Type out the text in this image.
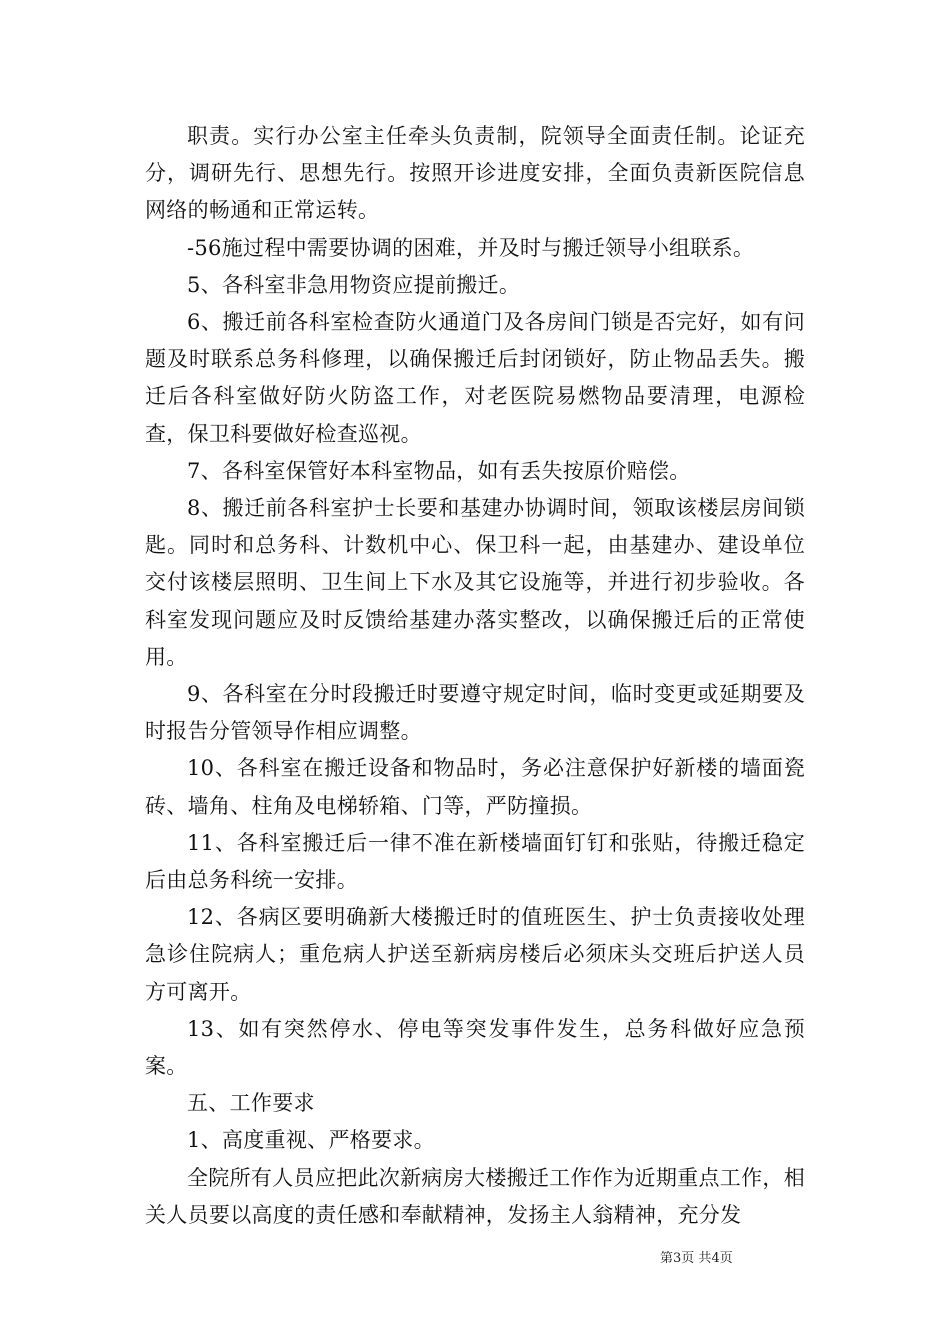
职责。实行办公室主任牵头负责制，院领导全面责任制。论证充分，调研先行、思想先行。按照开诊进度安排，全面负责新医院信息网络的畅通和正常运转。

-56施过程中需要协调的困难，并及时与搬迁领导小组联系。

5、各科室非急用物资应提前搬迁。

6、搬迁前各科室检查防火通道门及各房间门锁是否完好，如有问题及时联系总务科修理，以确保搬迁后封闭锁好，防止物品丢失。搬迁后各科室做好防火防盗工作，对老医院易燃物品要清理，电源检查，保卫科要做好检查巡视。

7、各科室保管好本科室物品，如有丢失按原价赔偿。

8、搬迁前各科室护士长要和基建办协调时间，领取该楼层房间锁匙。同时和总务科、计数机中心、保卫科一起，由基建办、建设单位交付该楼层照明、卫生间上下水及其它设施等，并进行初步验收。各科室发现问题应及时反馈给基建办落实整改，以确保搬迁后的正常使用。

9、各科室在分时段搬迁时要遵守规定时间，临时变更或延期要及时报告分管领导作相应调整。

10、各科室在搬迁设备和物品时，务必注意保护好新楼的墙面瓷砖、墙角、柱角及电梯轿箱、门等，严防撞损。

11、各科室搬迁后一律不准在新楼墙面钉钉和张贴，待搬迁稳定后由总务科统一安排。

12、各病区要明确新大楼搬迁时的值班医生、护士负责接收处理急诊住院病人；重危病人护送至新病房楼后必须床头交班后护送人员方可离开。

13、如有突然停水、停电等突发事件发生，总务科做好应急预案。

五、工作要求

1、高度重视、严格要求。

全院所有人员应把此次新病房大楼搬迁工作作为近期重点工作，相关人员要以高度的责任感和奉献精神，发扬主人翁精神，充分发

第3页 共4页
